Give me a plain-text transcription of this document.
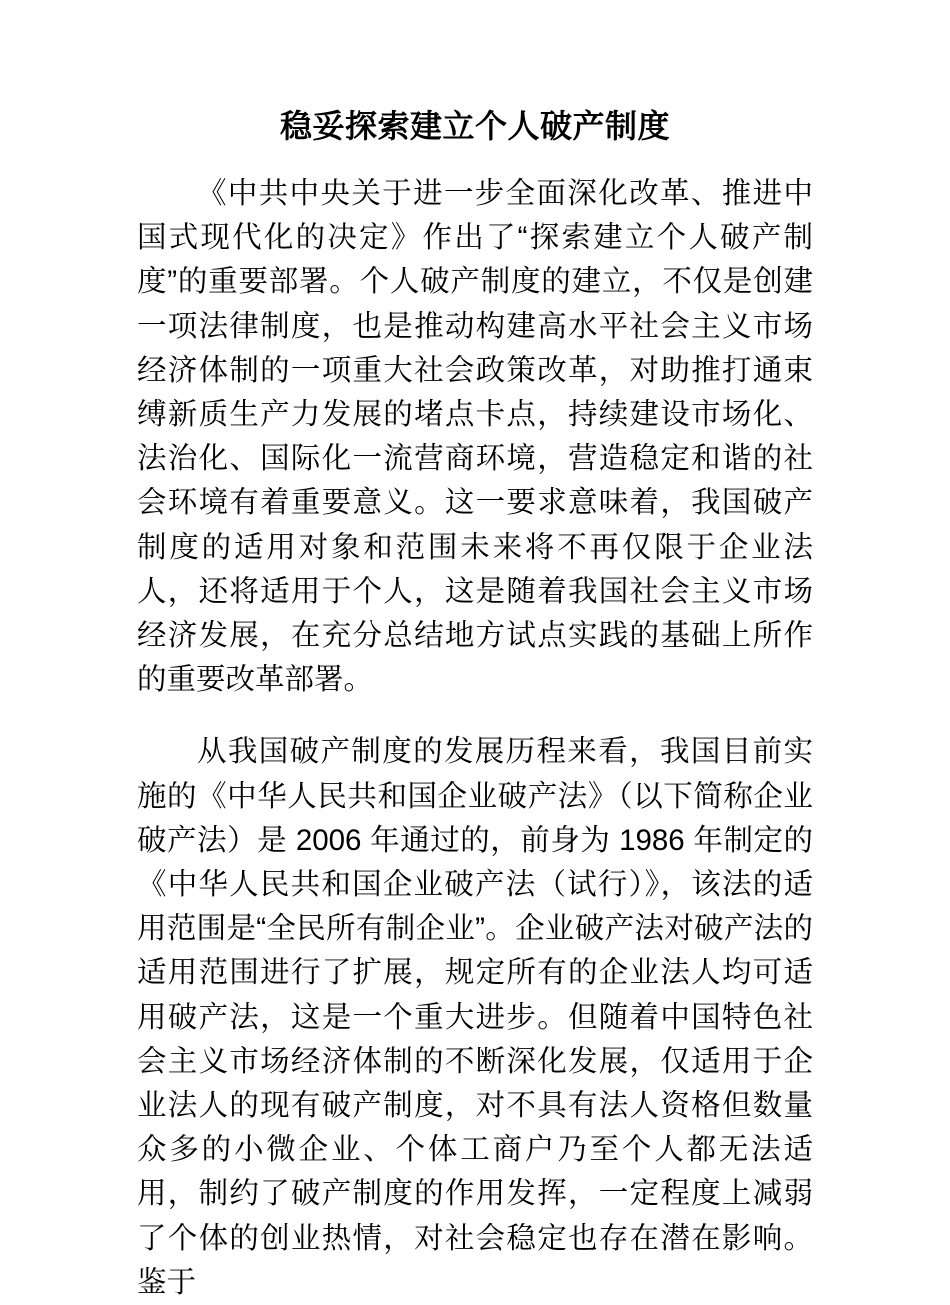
稳妥探索建立个人破产制度

《中共中央关于进一步全面深化改革、推进中国式现代化的决定》作出了“探索建立个人破产制度”的重要部署。个人破产制度的建立，不仅是创建一项法律制度，也是推动构建高水平社会主义市场经济体制的一项重大社会政策改革，对助推打通束缚新质生产力发展的堵点卡点，持续建设市场化、法治化、国际化一流营商环境，营造稳定和谐的社会环境有着重要意义。这一要求意味着，我国破产制度的适用对象和范围未来将不再仅限于企业法人，还将适用于个人，这是随着我国社会主义市场经济发展，在充分总结地方试点实践的基础上所作的重要改革部署。

从我国破产制度的发展历程来看，我国目前实施的《中华人民共和国企业破产法》（以下简称企业破产法）是 2006 年通过的，前身为 1986 年制定的《中华人民共和国企业破产法（试行）》，该法的适用范围是“全民所有制企业”。企业破产法对破产法的适用范围进行了扩展，规定所有的企业法人均可适用破产法，这是一个重大进步。但随着中国特色社会主义市场经济体制的不断深化发展，仅适用于企业法人的现有破产制度，对不具有法人资格但数量众多的小微企业、个体工商户乃至个人都无法适用，制约了破产制度的作用发挥，一定程度上减弱了个体的创业热情，对社会稳定也存在潜在影响。鉴于
